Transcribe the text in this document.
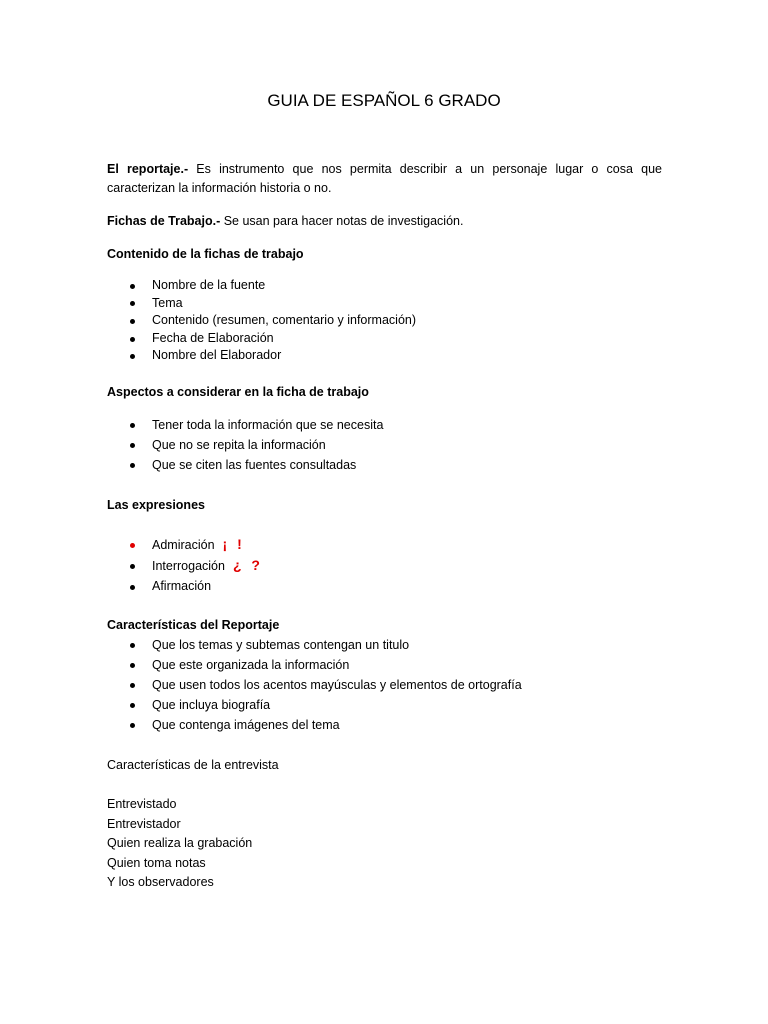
GUIA DE ESPAÑOL 6 GRADO
El reportaje.- Es instrumento que nos permita describir a un personaje lugar o cosa que caracterizan la información historia o no.
Fichas de Trabajo.- Se usan para hacer notas de investigación.
Contenido de la fichas de trabajo
Nombre de la fuente
Tema
Contenido (resumen, comentario y información)
Fecha de Elaboración
Nombre del Elaborador
Aspectos a considerar en la ficha de trabajo
Tener toda la información que se necesita
Que no se repita la información
Que se citen las fuentes consultadas
Las expresiones
Admiración ¡ !
Interrogación ¿ ?
Afirmación
Características del Reportaje
Que los temas y subtemas contengan un titulo
Que este organizada la información
Que usen todos los acentos mayúsculas y elementos de ortografía
Que incluya biografía
Que contenga imágenes del tema
Características de la entrevista
Entrevistado
Entrevistador
Quien realiza la grabación
Quien toma notas
Y los observadores
